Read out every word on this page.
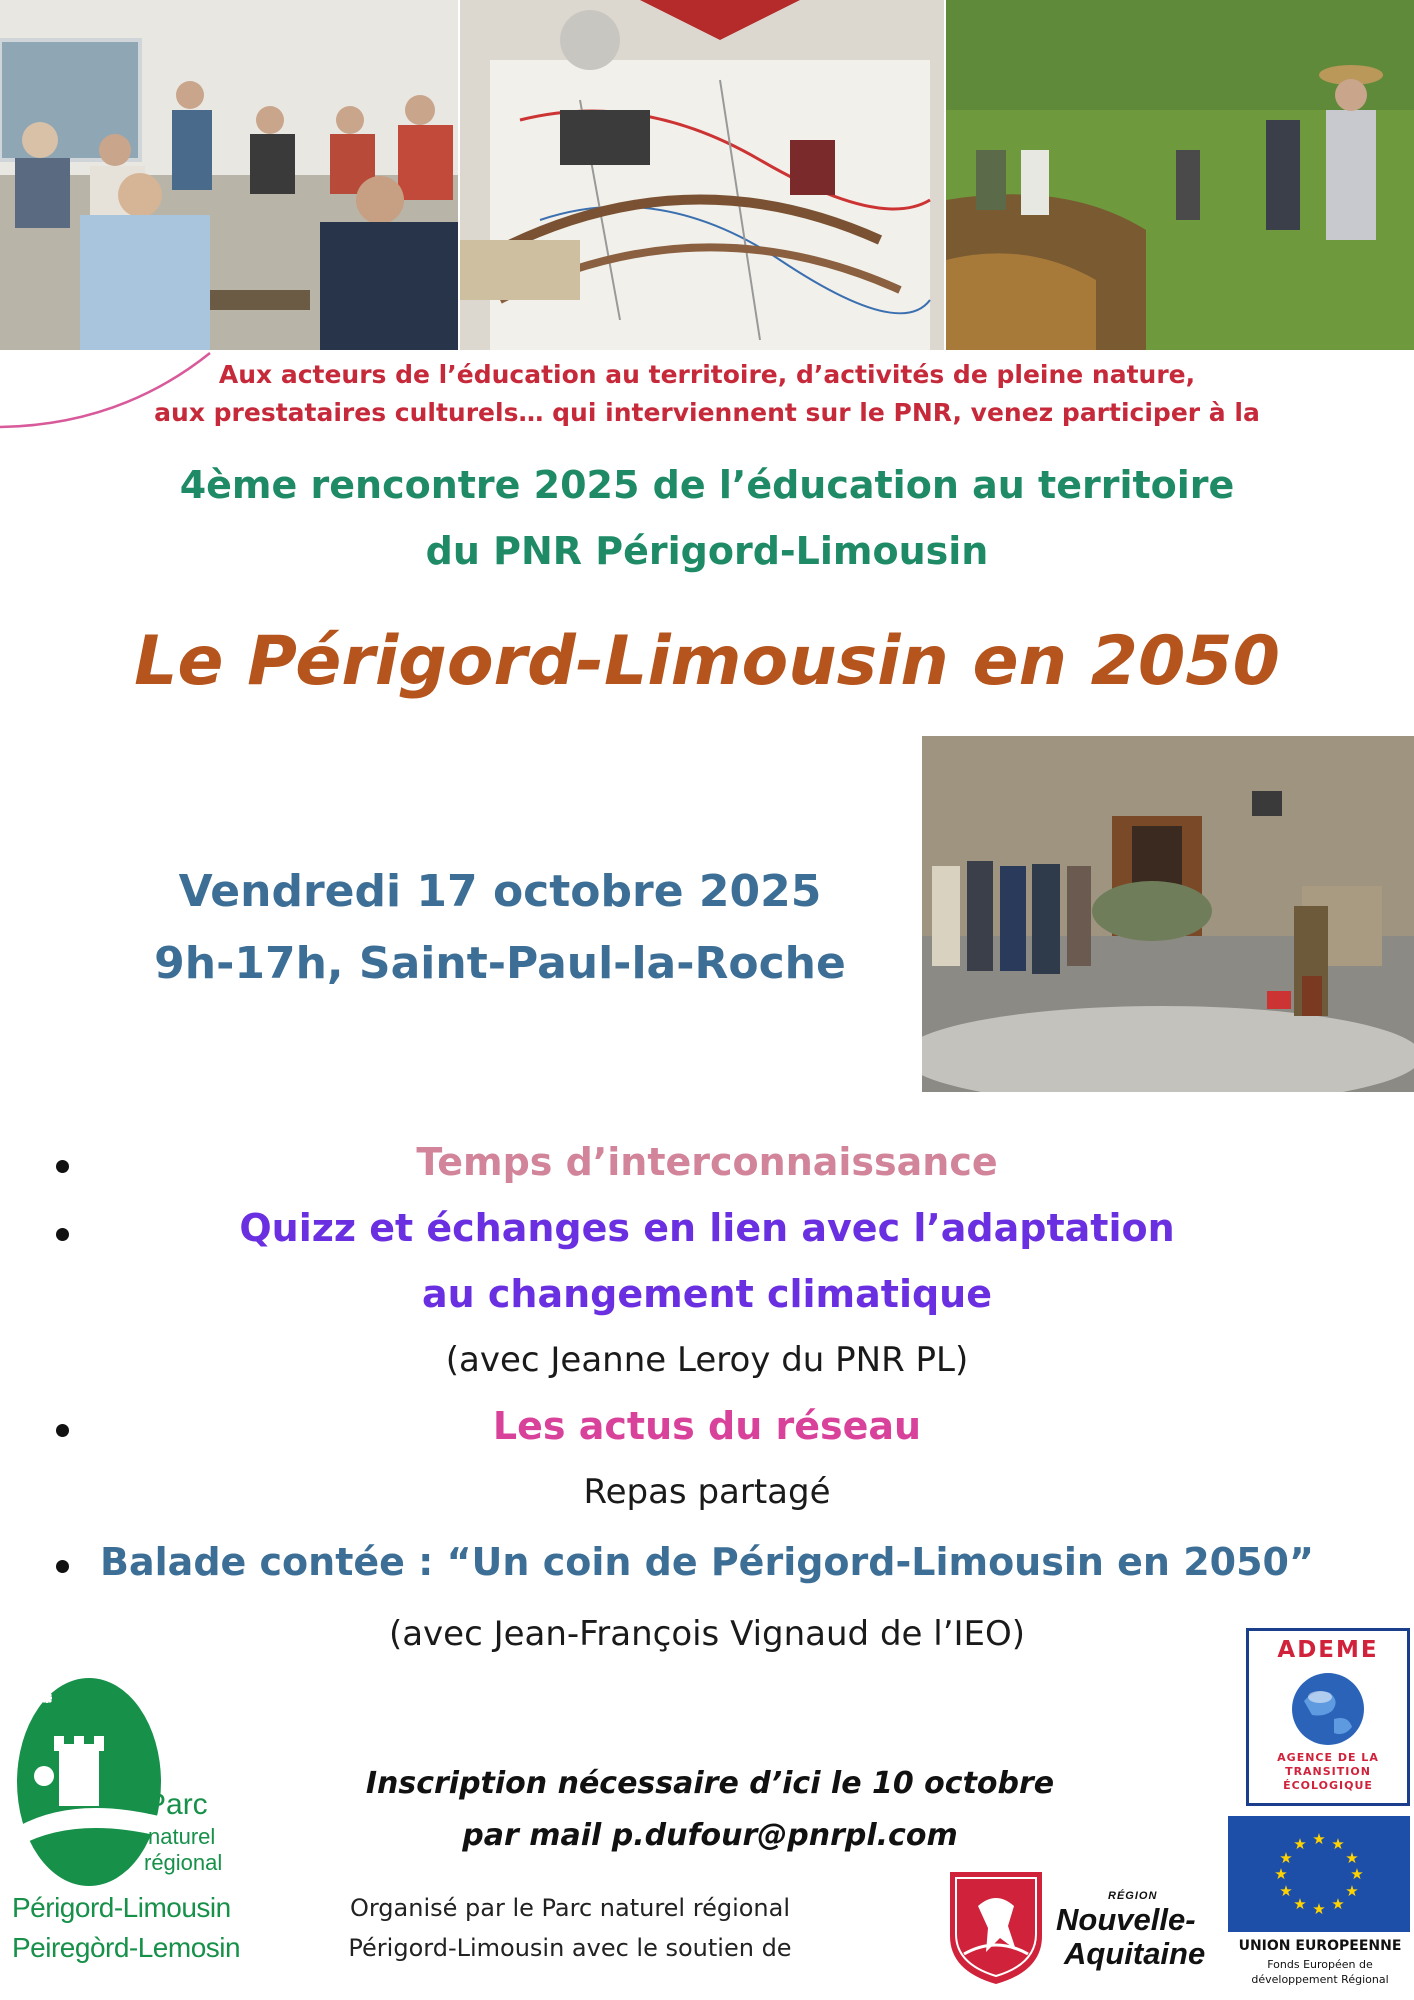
Aux acteurs de l’éducation au territoire, d’activités de pleine nature,
aux prestataires culturels… qui interviennent sur le PNR, venez participer à la
4ème rencontre 2025 de l’éducation au territoire
du PNR Périgord-Limousin
Le Périgord-Limousin en 2050
Vendredi 17 octobre 2025
9h-17h, Saint-Paul-la-Roche
Temps d’interconnaissance
Quizz et échanges en lien avec l’adaptation
au changement climatique
(avec Jeanne Leroy du PNR PL)
Les actus du réseau
Repas partagé
Balade contée : “Un coin de Périgord-Limousin en 2050”
(avec Jean-François Vignaud de l’IEO)
Parc
naturel
régional
Périgord-Limousin
Peiregòrd-Lemosin
Inscription nécessaire d’ici le 10 octobre
par mail p.dufour@pnrpl.com
Organisé par le Parc naturel régional
Périgord-Limousin avec le soutien de
RÉGION
Nouvelle-
Aquitaine
ADEME
AGENCE DE LA
TRANSITION
ÉCOLOGIQUE
★ ★
★
★
★
★
★
★
★
★
★
★
UNION EUROPEENNE
Fonds Européen de
développement Régional
